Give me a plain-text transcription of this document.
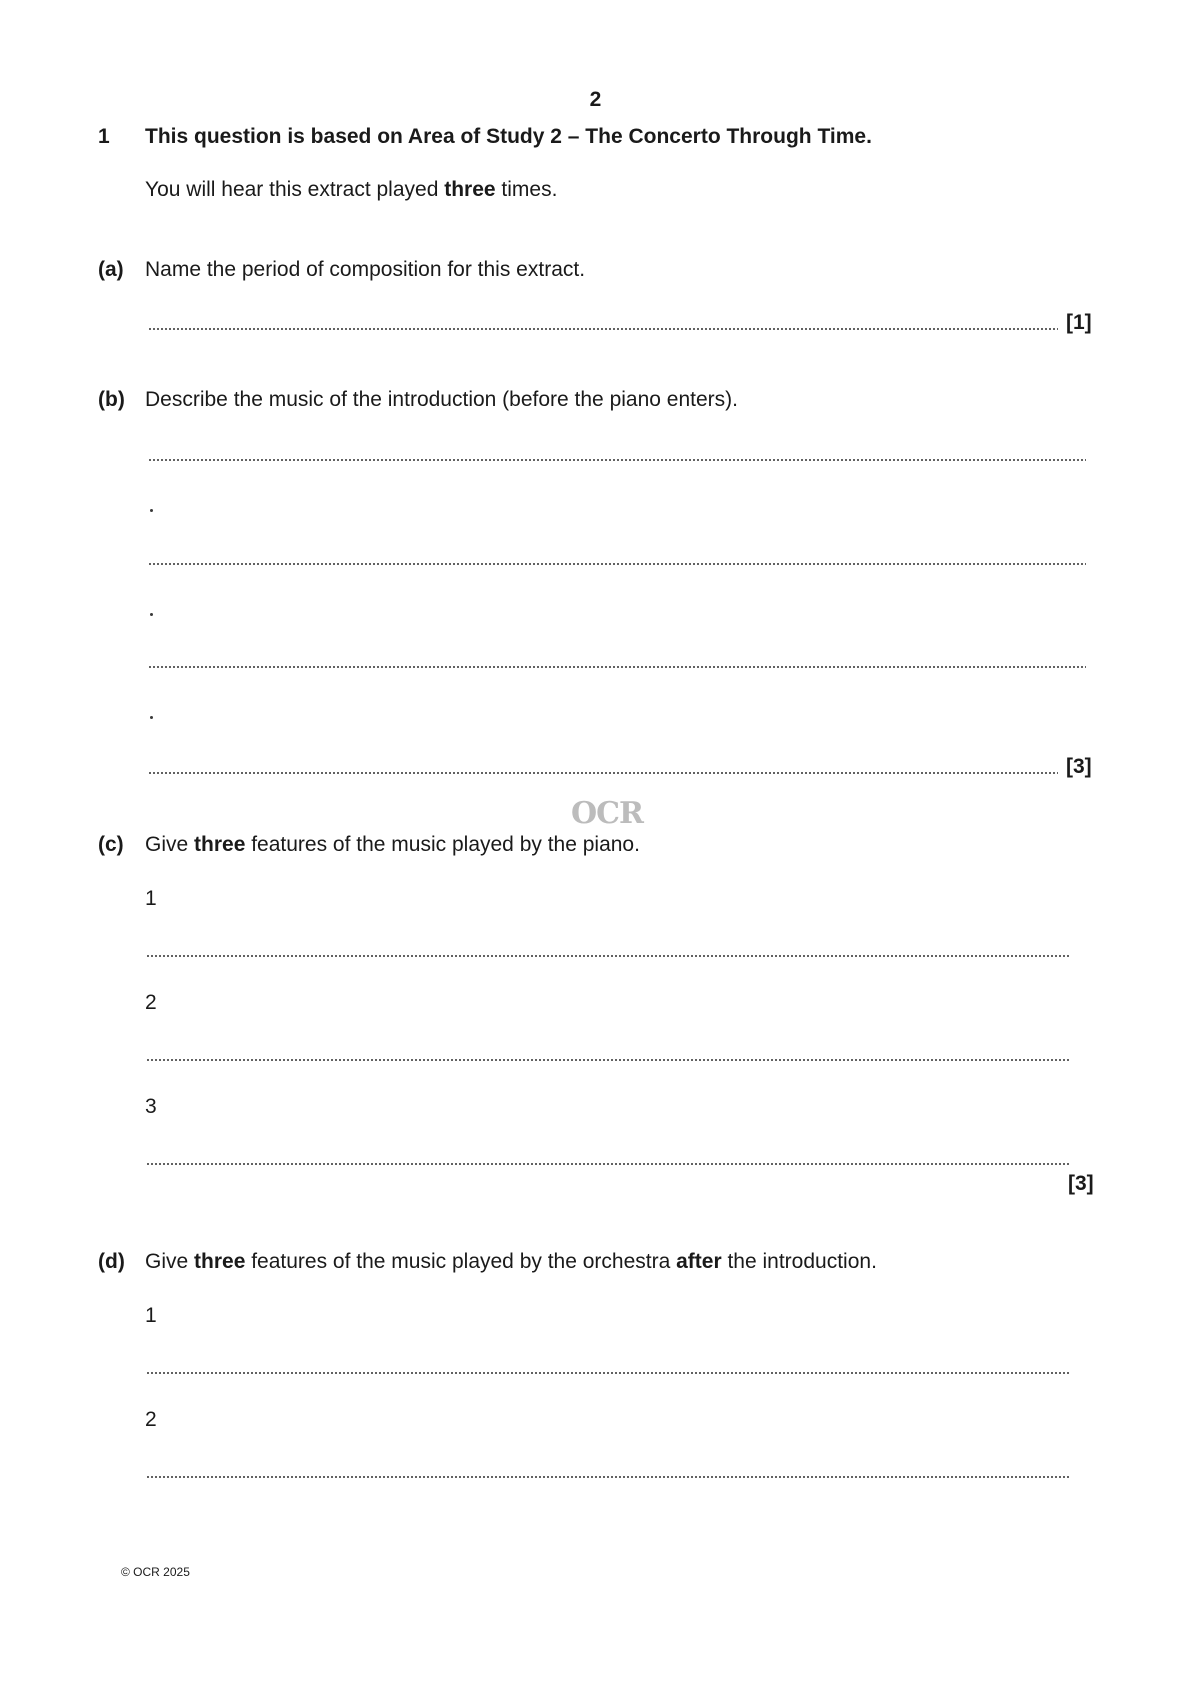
2
1 This question is based on Area of Study 2 – The Concerto Through Time.
You will hear this extract played three times.
(a) Name the period of composition for this extract.
[1]
(b) Describe the music of the introduction (before the piano enters).
[3]
OCR
(c) Give three features of the music played by the piano.
1
2
3
[3]
(d) Give three features of the music played by the orchestra after the introduction.
1
2
© OCR 2025
